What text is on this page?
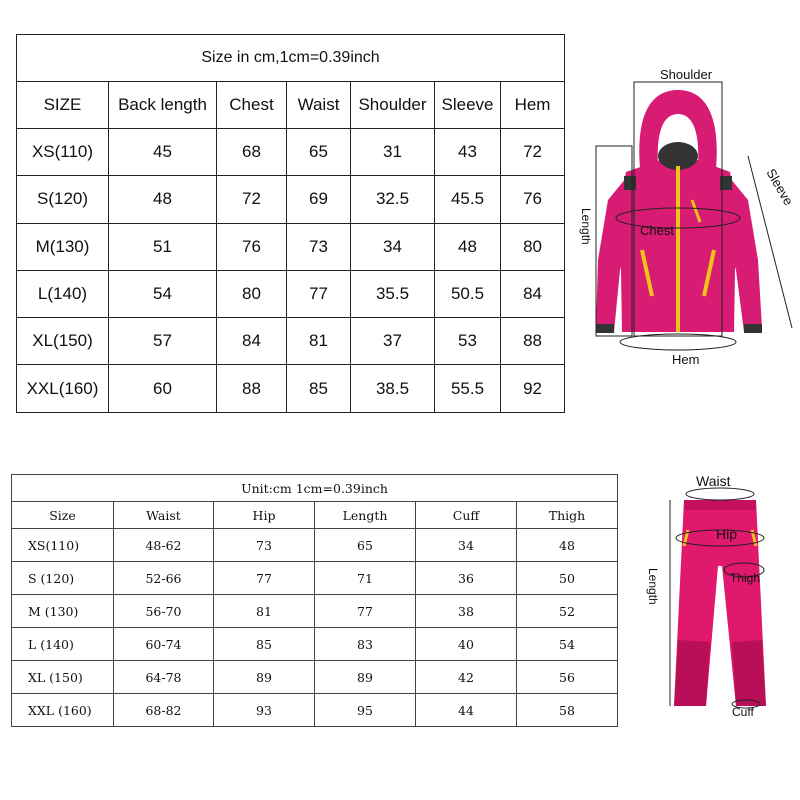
Size in cm,1cm=0.39inch						
SIZE	Back length	Chest	Waist	Shoulder	Sleeve	Hem
XS(110)	45	68	65	31	43	72
S(120)	48	72	69	32.5	45.5	76
M(130)	51	76	73	34	48	80
L(140)	54	80	77	35.5	50.5	84
XL(150)	57	84	81	37	53	88
XXL(160)	60	88	85	38.5	55.5	92
Unit:cm 1cm=0.39inch					
Size	Waist	Hip	Length	Cuff	Thigh
XS(110)	48-62	73	65	34	48
S (120)	52-66	77	71	36	50
M (130)	56-70	81	77	38	52
L (140)	60-74	85	83	40	54
XL (150)	64-78	89	89	42	56
XXL (160)	68-82	93	95	44	58
Shoulder
Sleeve
Length	Chest
Hem
Waist
Hip
Thigh
Cuff
Length
